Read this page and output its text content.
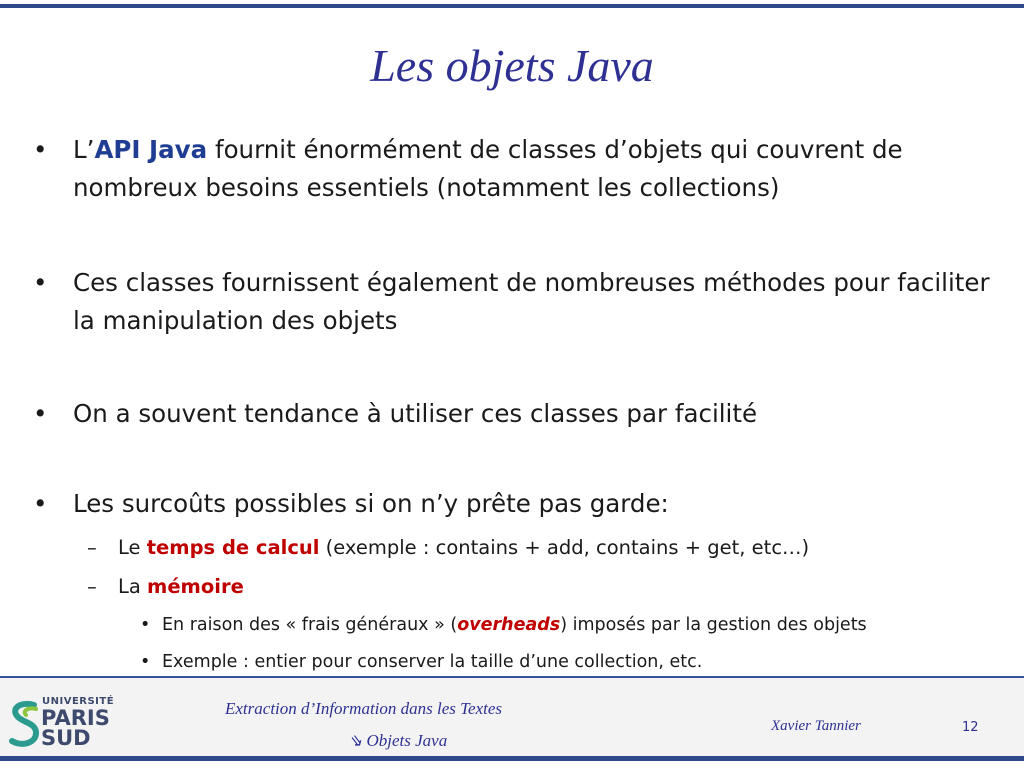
Les objets Java
• L’API Java fournit énormément de classes d’objets qui couvrent de nombreux besoins essentiels (notamment les collections)
• Ces classes fournissent également de nombreuses méthodes pour faciliter la manipulation des objets
• On a souvent tendance à utiliser ces classes par facilité
• Les surcoûts possibles si on n’y prête pas garde:
– Le temps de calcul (exemple : contains + add, contains + get, etc…)
– La mémoire
• En raison des « frais généraux » (overheads) imposés par la gestion des objets
• Exemple : entier pour conserver la taille d’une collection, etc.
UNIVERSITÉ
PARIS
SUD
Extraction d’Information dans les Textes
⇘ Objets Java
Xavier Tannier	12
